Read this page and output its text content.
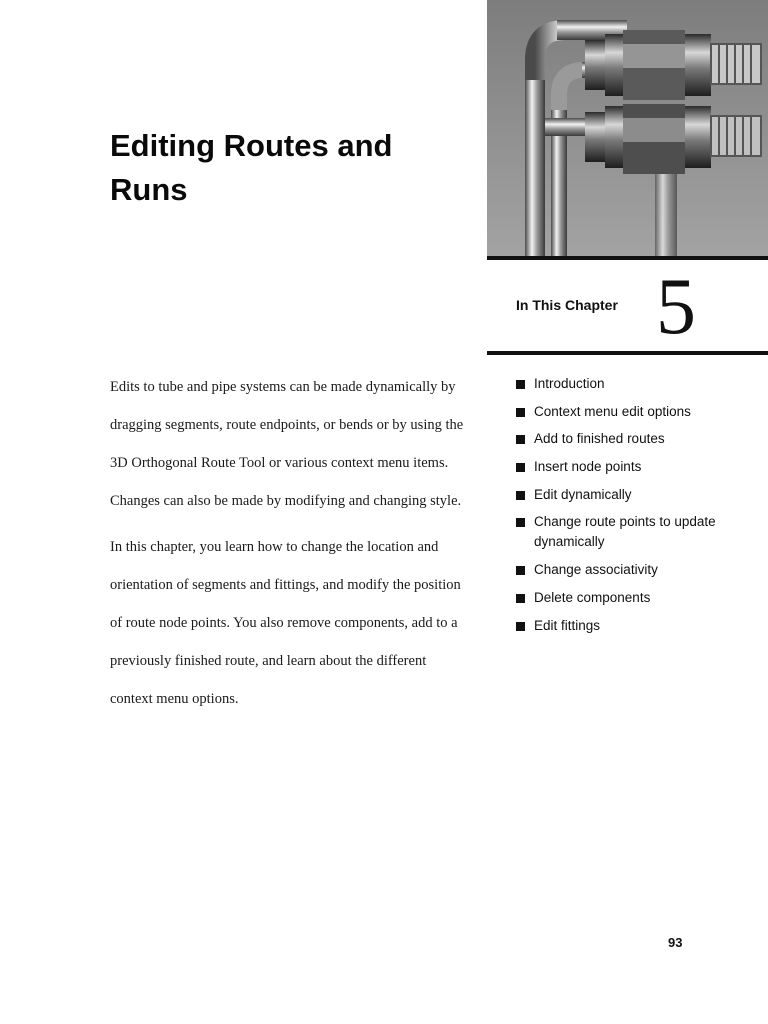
Editing Routes and Runs
In This Chapter 5

Edits to tube and pipe systems can be made dynamically by dragging segments, route endpoints, or bends or by using the 3D Orthogonal Route Tool or various context menu items. Changes can also be made by modifying and changing style.

In this chapter, you learn how to change the location and orientation of segments and fittings, and modify the position of route node points. You also remove components, add to a previously finished route, and learn about the different context menu options.

Introduction
Context menu edit options
Add to finished routes
Insert node points
Edit dynamically
Change route points to update dynamically
Change associativity
Delete components
Edit fittings
93
